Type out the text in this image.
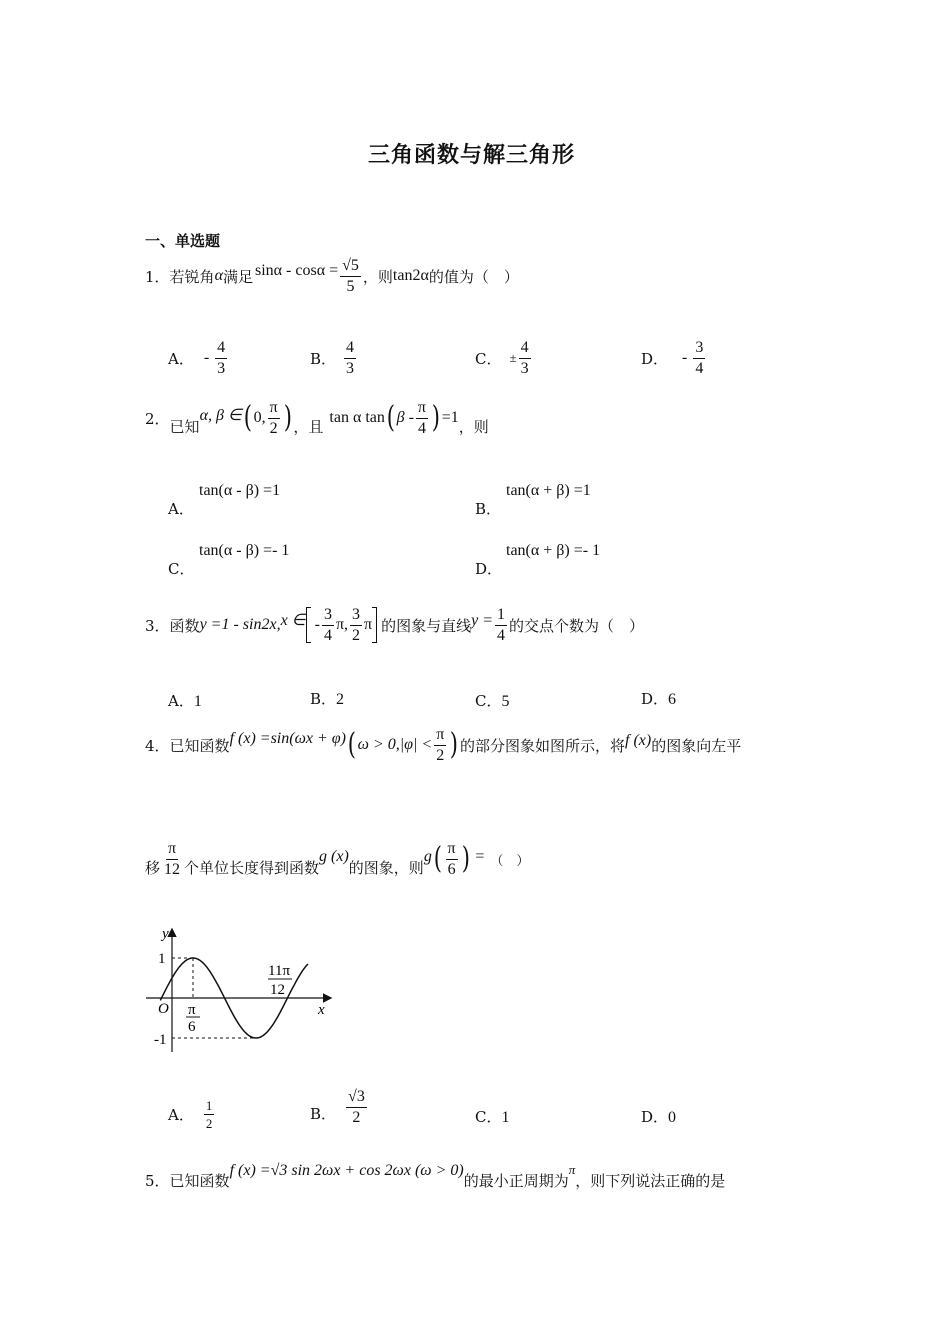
三角函数与解三角形
一、单选题
1． 若锐角 α 满足 $\sin\alpha - \cos\alpha = \frac{√5}{5}$ ，则 tan2α 的值为（　）
A． - $\frac{4}{3}$	B． $\frac{4}{3}$	C． ± $\frac{4}{3}$	D． - $\frac{3}{4}$
2． 已知
α, β ∈ ( 0, $\frac{\pi}{2}$ ) ，且
tan α tan ( β - $\frac{\pi}{4}$ ) =1
，则
A．
tan(α - β) =1
B．
tan(α + β) =1
C．
tan(α - β) =- 1
D．
tan(α + β) =- 1
3． 函数 y =1 - sin2x, x ∈ - $\frac{3}{4} \pi$, $\frac{3}{2}$ π 的图象与直线 $y = \frac{1}{4}$ 的交点个数为（　）
A．1	B．2	C．5	D．6
4． 已知函数 f (x) =sin(ωx + φ) ( $\omega > 0,|\varphi| < \frac{\pi}{2}$ ) 的部分图象如图所示，将 f (x) 的图象向左平
移 $\frac{\pi}{12}$ 个单位长度得到函数
g (x)
的图象，则
g ( $\frac{\pi}{6}$ ) = （　）
y
x
O
1
-1
π
6
11π
12
A． $\frac{1}{2}$	B． $\frac{√3}{2}$	C．1	D．0
5． 已知函数
f (x) =√3 sin 2ωx + cos 2ωx (ω > 0)
的最小正周期为
π
，则下列说法正确的是
